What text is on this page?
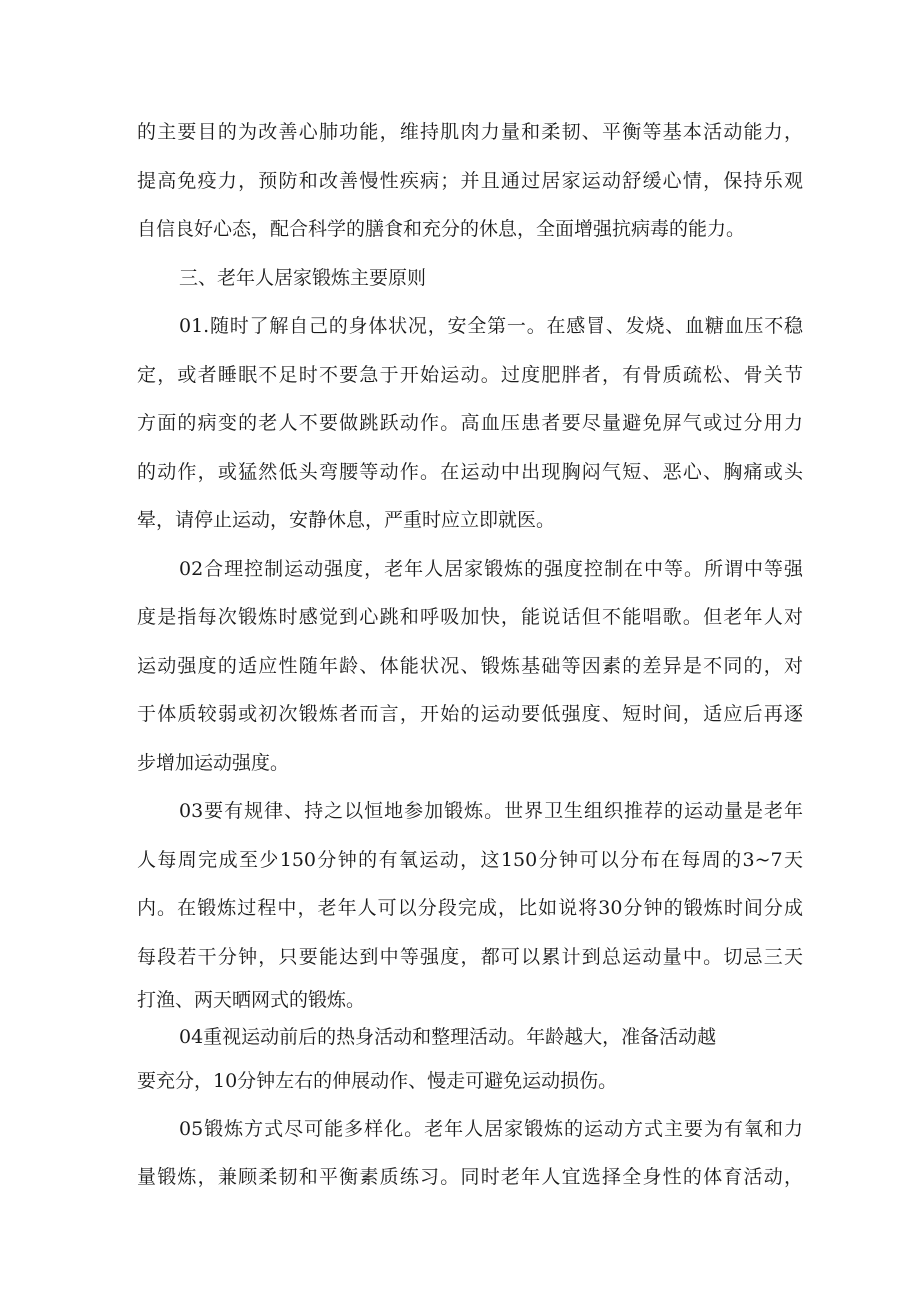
的主要目的为改善心肺功能，维持肌肉力量和柔韧、平衡等基本活动能力，
提高免疫力，预防和改善慢性疾病；并且通过居家运动舒缓心情，保持乐观
自信良好心态，配合科学的膳食和充分的休息，全面增强抗病毒的能力。
三、老年人居家锻炼主要原则
01.随时了解自己的身体状况，安全第一。在感冒、发烧、血糖血压不稳
定，或者睡眠不足时不要急于开始运动。过度肥胖者，有骨质疏松、骨关节
方面的病变的老人不要做跳跃动作。高血压患者要尽量避免屏气或过分用力
的动作，或猛然低头弯腰等动作。在运动中出现胸闷气短、恶心、胸痛或头
晕，请停止运动，安静休息，严重时应立即就医。
02合理控制运动强度，老年人居家锻炼的强度控制在中等。所谓中等强
度是指每次锻炼时感觉到心跳和呼吸加快，能说话但不能唱歌。但老年人对
运动强度的适应性随年龄、体能状况、锻炼基础等因素的差异是不同的，对
于体质较弱或初次锻炼者而言，开始的运动要低强度、短时间，适应后再逐
步增加运动强度。
03要有规律、持之以恒地参加锻炼。世界卫生组织推荐的运动量是老年
人每周完成至少150分钟的有氧运动，这150分钟可以分布在每周的3~7天
内。在锻炼过程中，老年人可以分段完成，比如说将30分钟的锻炼时间分成
每段若干分钟，只要能达到中等强度，都可以累计到总运动量中。切忌三天
打渔、两天晒网式的锻炼。
04重视运动前后的热身活动和整理活动。年龄越大，准备活动越
要充分，10分钟左右的伸展动作、慢走可避免运动损伤。
05锻炼方式尽可能多样化。老年人居家锻炼的运动方式主要为有氧和力
量锻炼，兼顾柔韧和平衡素质练习。同时老年人宜选择全身性的体育活动，
